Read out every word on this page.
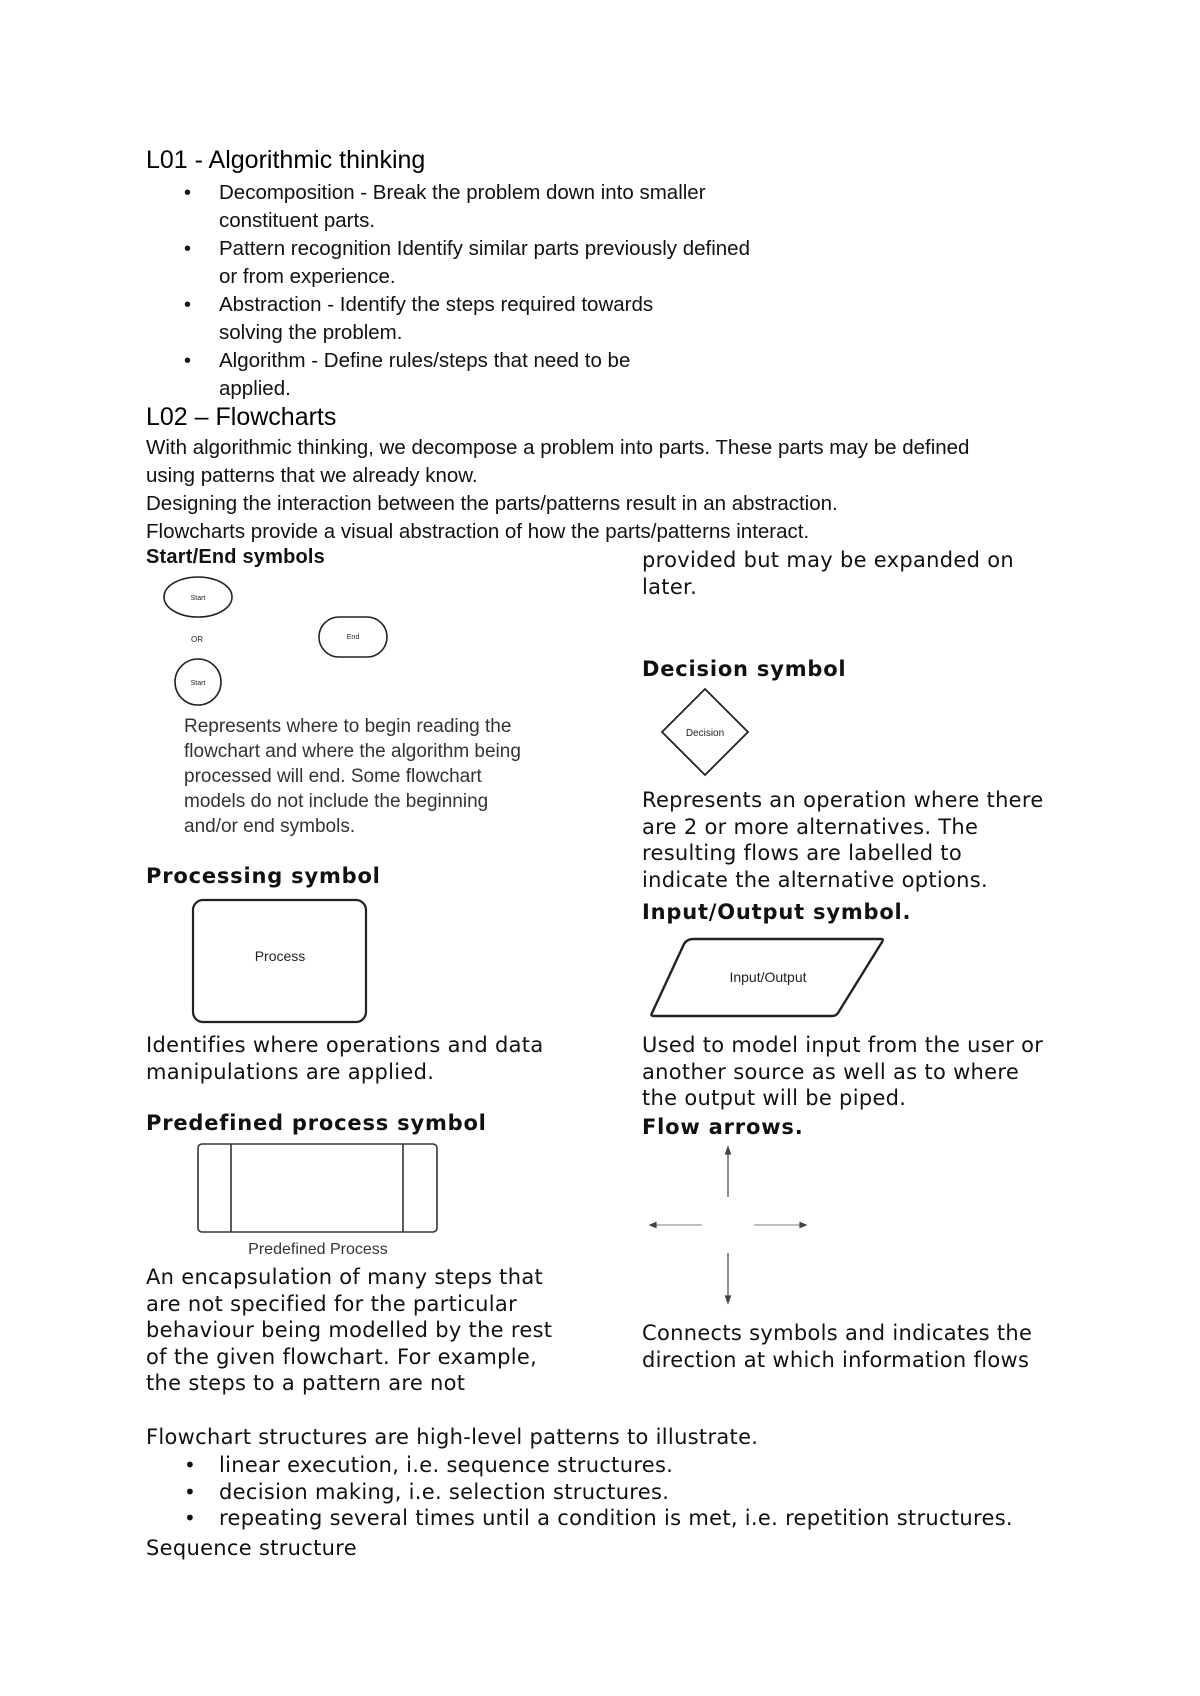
L01 - Algorithmic thinking
• Decomposition - Break the problem down into smaller
constituent parts.
• Pattern recognition Identify similar parts previously defined
or from experience.
• Abstraction - Identify the steps required towards
solving the problem.
• Algorithm - Define rules/steps that need to be
applied.
L02 – Flowcharts
With algorithmic thinking, we decompose a problem into parts. These parts may be defined
using patterns that we already know.
Designing the interaction between the parts/patterns result in an abstraction.
Flowcharts provide a visual abstraction of how the parts/patterns interact.
Start/End symbols
Start
OR
Start
End
Represents where to begin reading the
flowchart and where the algorithm being
processed will end. Some flowchart
models do not include the beginning
and/or end symbols.
Processing symbol
Process
Identifies where operations and data
manipulations are applied.
Predefined process symbol
Predefined Process
An encapsulation of many steps that
are not specified for the particular
behaviour being modelled by the rest
of the given flowchart. For example,
the steps to a pattern are not
provided but may be expanded on
later.
Decision symbol
Decision
Represents an operation where there
are 2 or more alternatives. The
resulting flows are labelled to
indicate the alternative options.
Input/Output symbol.
Input/Output
Used to model input from the user or
another source as well as to where
the output will be piped.
Flow arrows.
Connects symbols and indicates the
direction at which information flows
Flowchart structures are high-level patterns to illustrate.
• linear execution, i.e. sequence structures.
• decision making, i.e. selection structures.
• repeating several times until a condition is met, i.e. repetition structures.
Sequence structure
